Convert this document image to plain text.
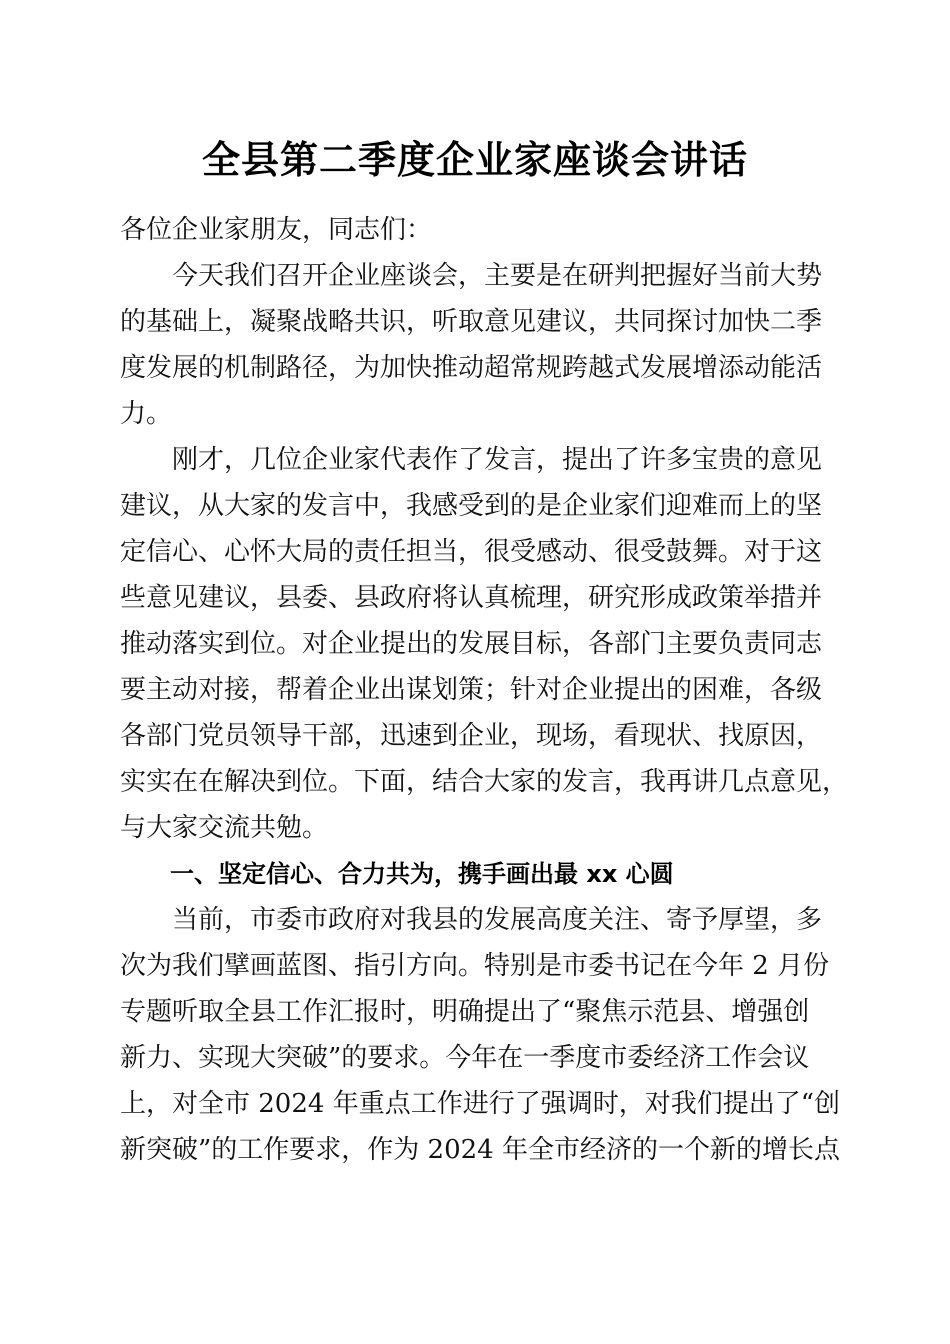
全县第二季度企业家座谈会讲话
各位企业家朋友，同志们：
今天我们召开企业座谈会，主要是在研判把握好当前大势
的基础上，凝聚战略共识，听取意见建议，共同探讨加快二季
度发展的机制路径，为加快推动超常规跨越式发展增添动能活
力。
刚才，几位企业家代表作了发言，提出了许多宝贵的意见
建议，从大家的发言中，我感受到的是企业家们迎难而上的坚
定信心、心怀大局的责任担当，很受感动、很受鼓舞。对于这
些意见建议，县委、县政府将认真梳理，研究形成政策举措并
推动落实到位。对企业提出的发展目标，各部门主要负责同志
要主动对接，帮着企业出谋划策；针对企业提出的困难，各级
各部门党员领导干部，迅速到企业，现场，看现状、找原因，
实实在在解决到位。下面，结合大家的发言，我再讲几点意见，
与大家交流共勉。
一、坚定信心、合力共为，携手画出最 xx 心圆
当前，市委市政府对我县的发展高度关注、寄予厚望，多
次为我们擘画蓝图、指引方向。特别是市委书记在今年 2 月份
专题听取全县工作汇报时，明确提出了“聚焦示范县、增强创
新力、实现大突破”的要求。今年在一季度市委经济工作会议
上，对全市 2024 年重点工作进行了强调时，对我们提出了“创
新突破”的工作要求，作为 2024 年全市经济的一个新的增长点
